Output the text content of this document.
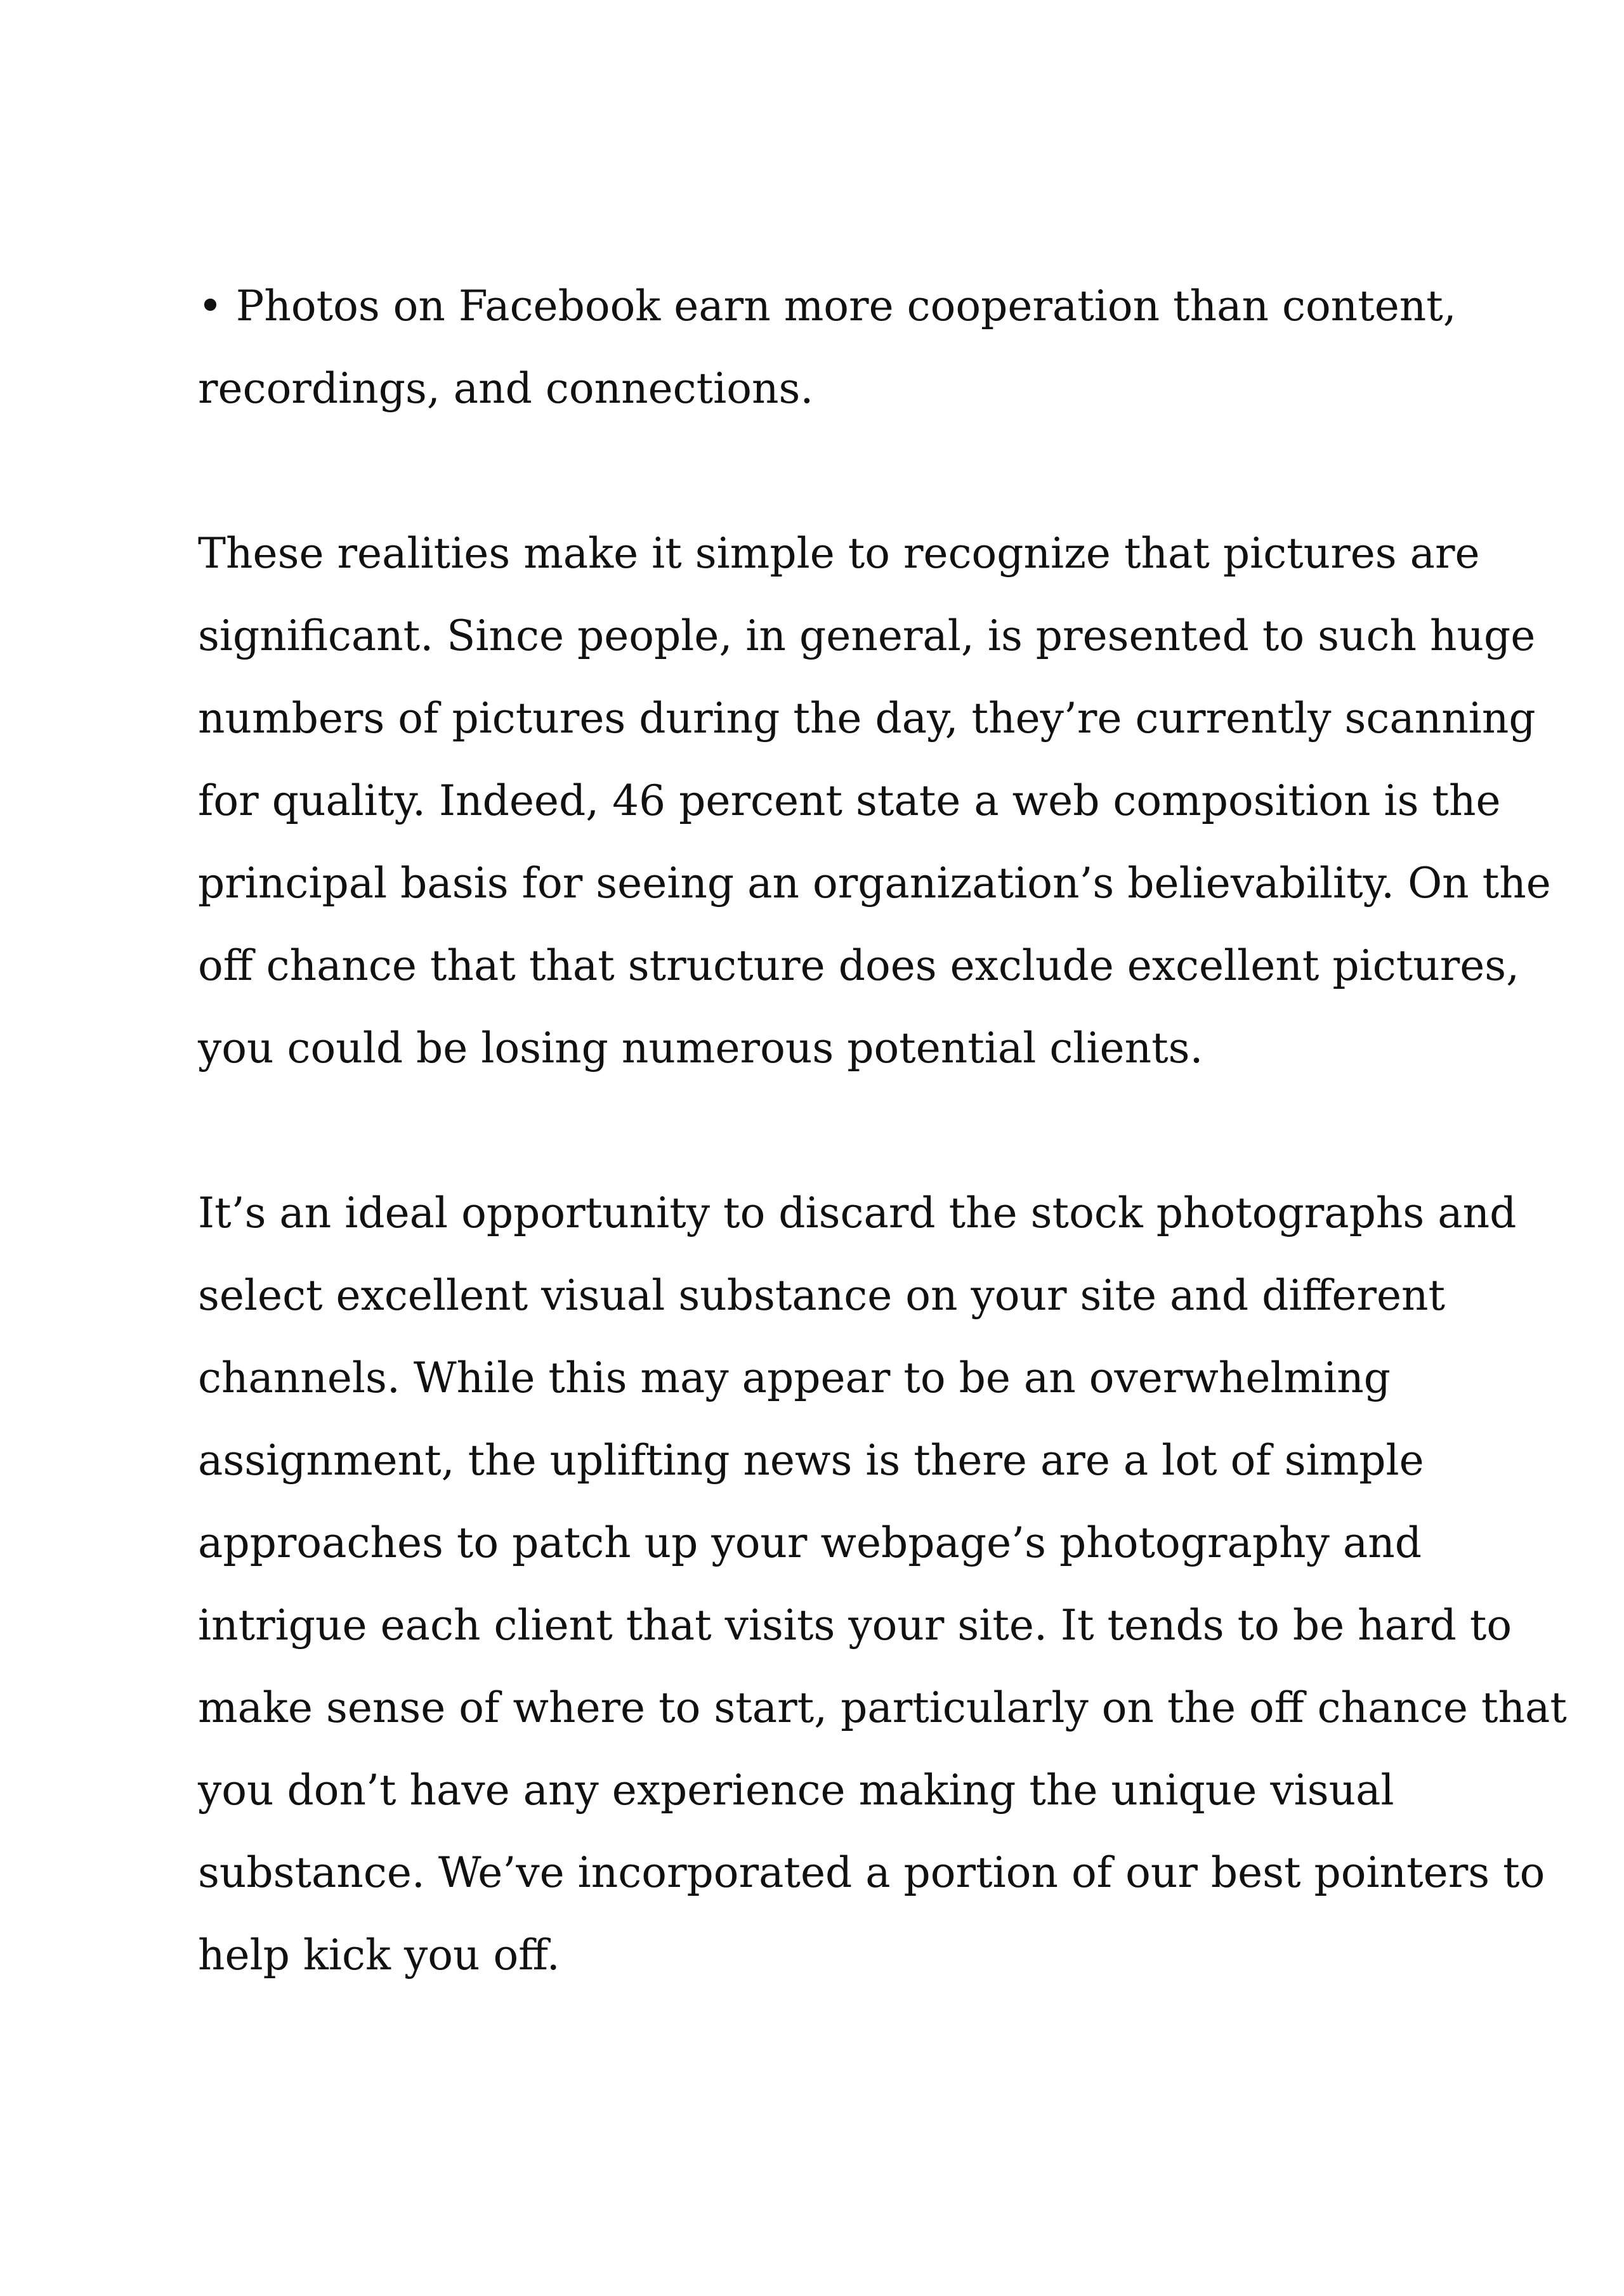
• Photos on Facebook earn more cooperation than content,
recordings, and connections.
These realities make it simple to recognize that pictures are
significant. Since people, in general, is presented to such huge
numbers of pictures during the day, they’re currently scanning
for quality. Indeed, 46 percent state a web composition is the
principal basis for seeing an organization’s believability. On the
off chance that that structure does exclude excellent pictures,
you could be losing numerous potential clients.
It’s an ideal opportunity to discard the stock photographs and
select excellent visual substance on your site and different
channels. While this may appear to be an overwhelming
assignment, the uplifting news is there are a lot of simple
approaches to patch up your webpage’s photography and
intrigue each client that visits your site. It tends to be hard to
make sense of where to start, particularly on the off chance that
you don’t have any experience making the unique visual
substance. We’ve incorporated a portion of our best pointers to
help kick you off.
